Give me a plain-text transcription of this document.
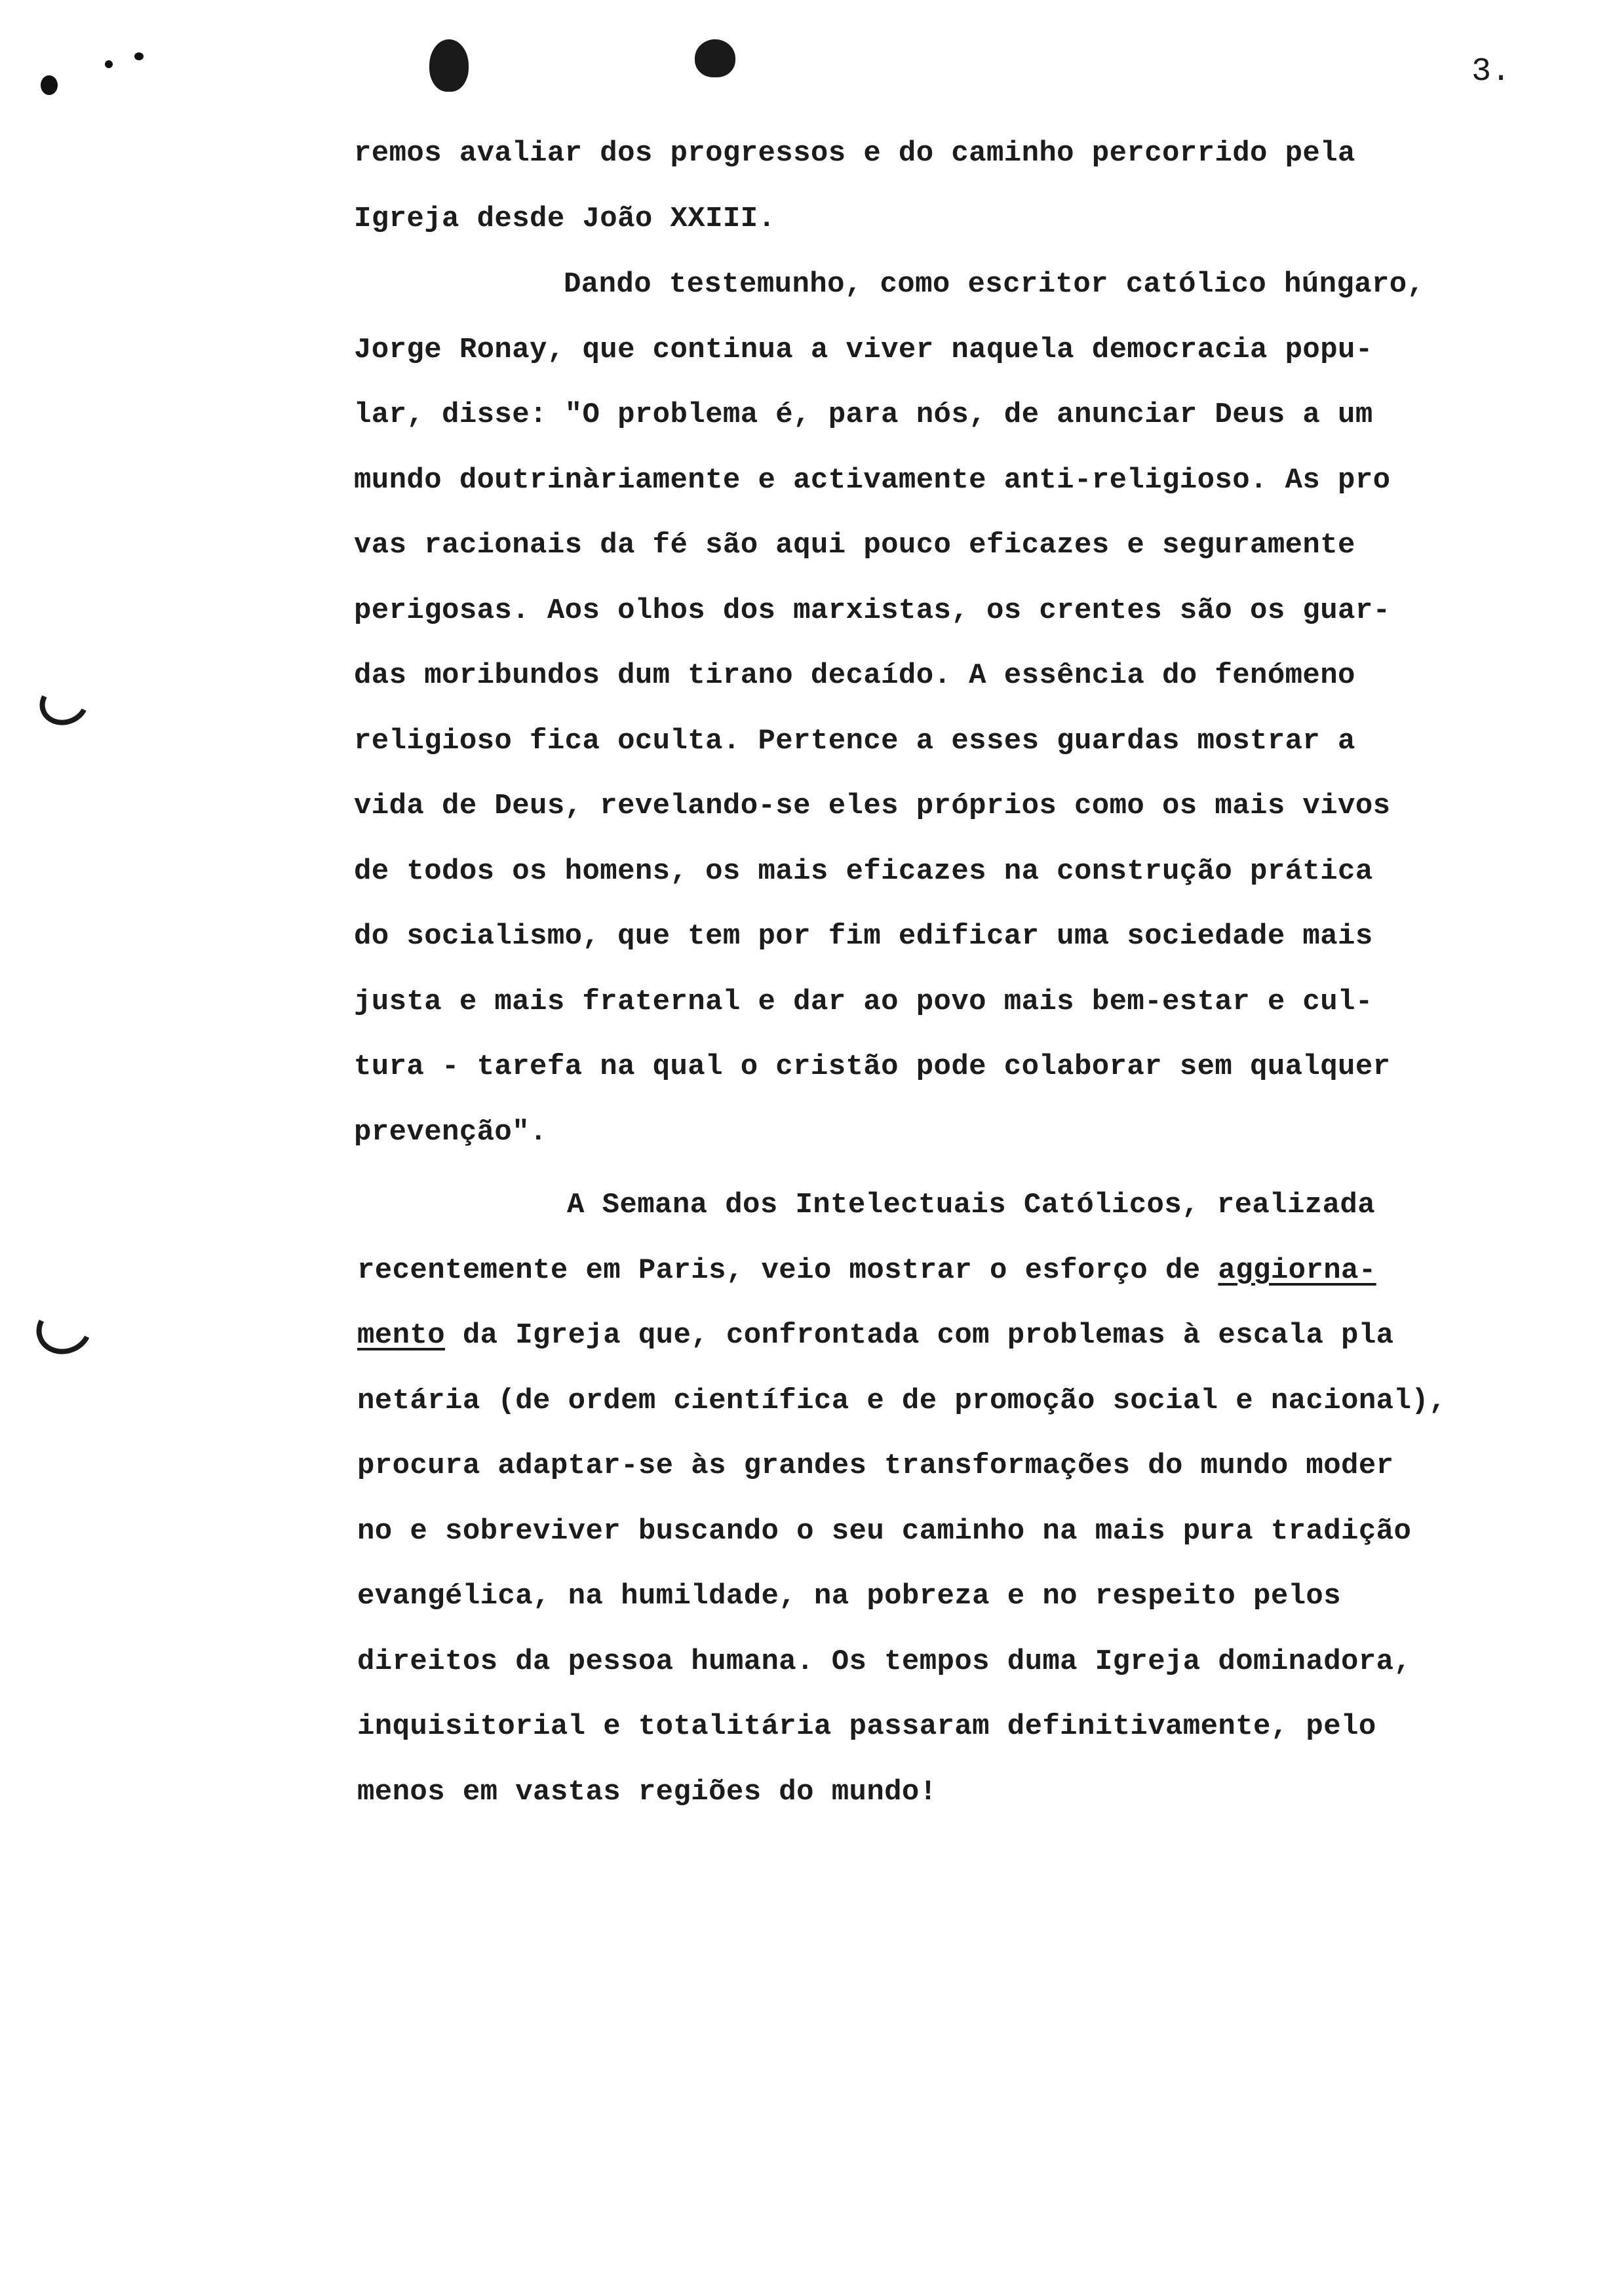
3.
remos avaliar dos progressos e do caminho percorrido pela
Igreja desde João XXIII.
Dando testemunho, como escritor católico húngaro,
Jorge Ronay, que continua a viver naquela democracia popu-
lar, disse: "O problema é, para nós, de anunciar Deus a um
mundo doutrinàriamente e activamente anti-religioso. As pro
vas racionais da fé são aqui pouco eficazes e seguramente
perigosas. Aos olhos dos marxistas, os crentes são os guar-
das moribundos dum tirano decaído. A essência do fenómeno
religioso fica oculta. Pertence a esses guardas mostrar a
vida de Deus, revelando-se eles próprios como os mais vivos
de todos os homens, os mais eficazes na construção prática
do socialismo, que tem por fim edificar uma sociedade mais
justa e mais fraternal e dar ao povo mais bem-estar e cul-
tura - tarefa na qual o cristão pode colaborar sem qualquer
prevenção".
A Semana dos Intelectuais Católicos, realizada
recentemente em Paris, veio mostrar o esforço de aggiorna-
mento da Igreja que, confrontada com problemas à escala pla
netária (de ordem científica e de promoção social e nacional),
procura adaptar-se às grandes transformações do mundo moder
no e sobreviver buscando o seu caminho na mais pura tradição
evangélica, na humildade, na pobreza e no respeito pelos
direitos da pessoa humana. Os tempos duma Igreja dominadora,
inquisitorial e totalitária passaram definitivamente, pelo
menos em vastas regiões do mundo!
